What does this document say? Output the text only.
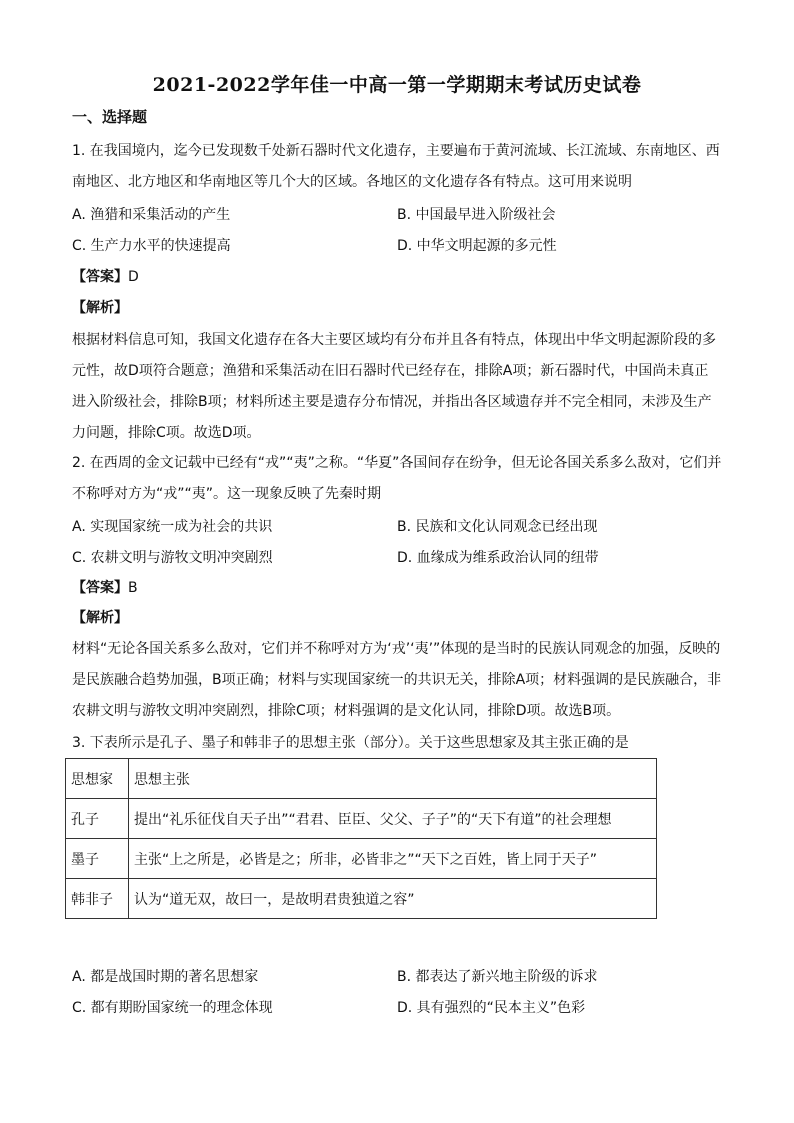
2021-2022学年佳一中高一第一学期期末考试历史试卷
一、选择题
1. 在我国境内，迄今已发现数千处新石器时代文化遗存，主要遍布于黄河流域、长江流域、东南地区、西南地区、北方地区和华南地区等几个大的区域。各地区的文化遗存各有特点。这可用来说明
A. 渔猎和采集活动的产生	B. 中国最早进入阶级社会
C. 生产力水平的快速提高	D. 中华文明起源的多元性
【答案】D
【解析】
根据材料信息可知，我国文化遗存在各大主要区域均有分布并且各有特点，体现出中华文明起源阶段的多元性，故D项符合题意；渔猎和采集活动在旧石器时代已经存在，排除A项；新石器时代，中国尚未真正进入阶级社会，排除B项；材料所述主要是遗存分布情况，并指出各区域遗存并不完全相同，未涉及生产力问题，排除C项。故选D项。
2. 在西周的金文记载中已经有“戎”“夷”之称。“华夏”各国间存在纷争，但无论各国关系多么敌对，它们并不称呼对方为“戎”“夷”。这一现象反映了先秦时期
A. 实现国家统一成为社会的共识	B. 民族和文化认同观念已经出现
C. 农耕文明与游牧文明冲突剧烈	D. 血缘成为维系政治认同的纽带
【答案】B
【解析】
材料“无论各国关系多么敌对，它们并不称呼对方为‘戎’‘夷’”体现的是当时的民族认同观念的加强，反映的是民族融合趋势加强，B项正确；材料与实现国家统一的共识无关，排除A项；材料强调的是民族融合，非农耕文明与游牧文明冲突剧烈，排除C项；材料强调的是文化认同，排除D项。故选B项。
3. 下表所示是孔子、墨子和韩非子的思想主张（部分）。关于这些思想家及其主张正确的是
思想家	思想主张
孔子	提出“礼乐征伐自天子出”“君君、臣臣、父父、子子”的“天下有道”的社会理想
墨子	主张“上之所是，必皆是之；所非，必皆非之”“天下之百姓，皆上同于天子”
韩非子	认为“道无双，故曰一，是故明君贵独道之容”
A. 都是战国时期的著名思想家	B. 都表达了新兴地主阶级的诉求
C. 都有期盼国家统一的理念体现	D. 具有强烈的“民本主义”色彩
